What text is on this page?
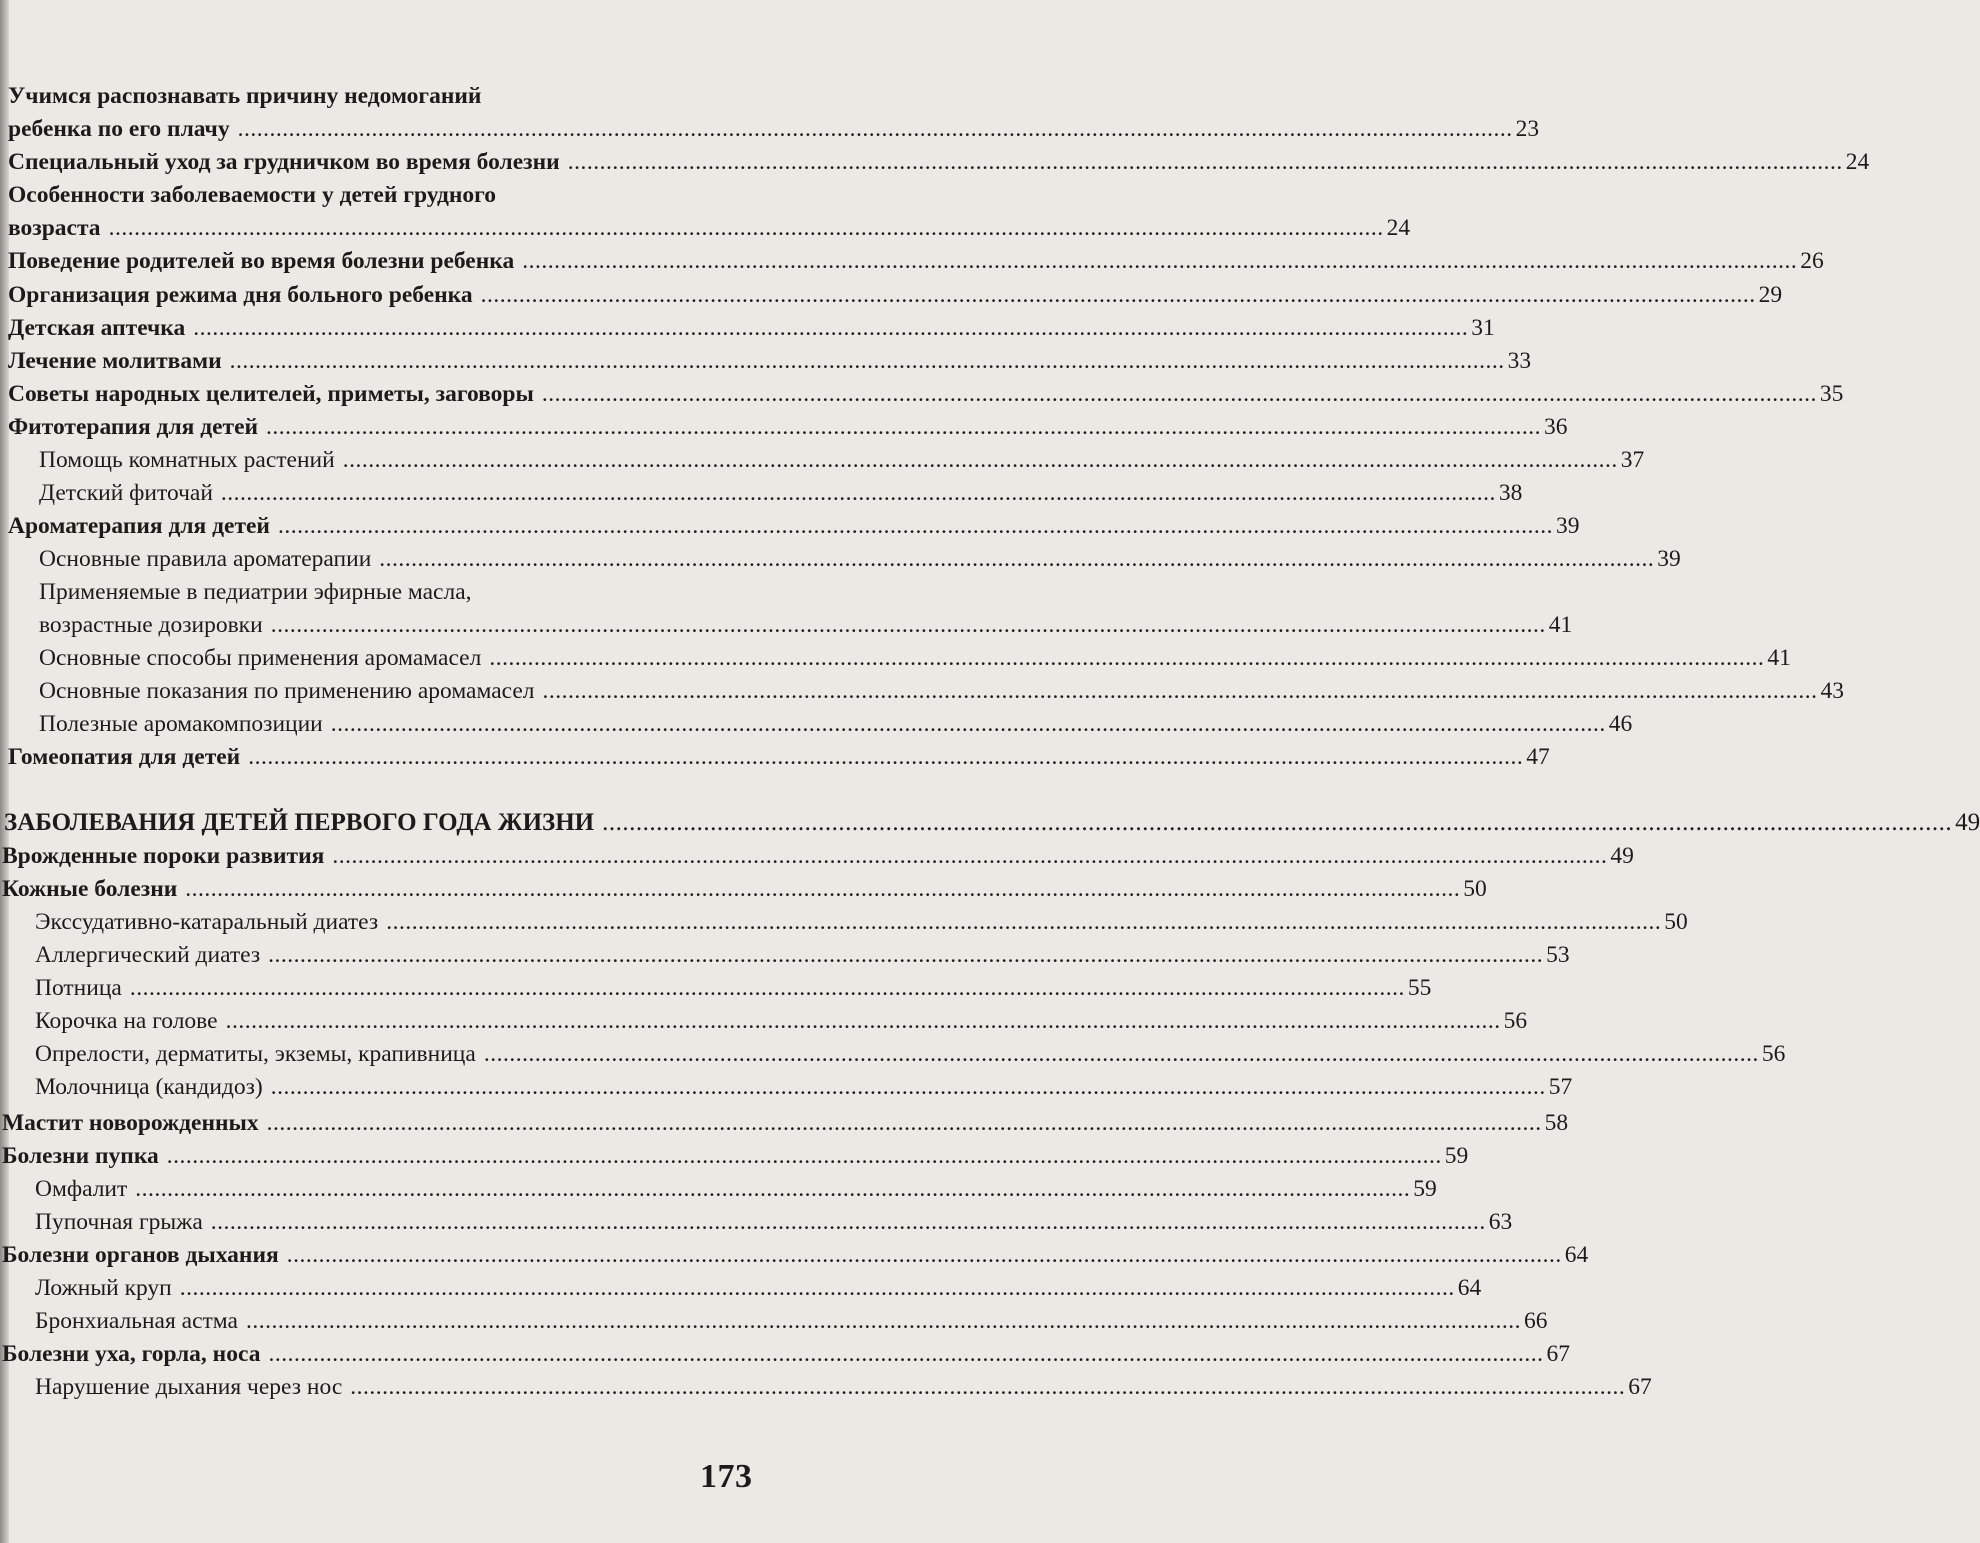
Учимся распознавать причину недомоганий
ребенка по его плачу ........................................................................................................................................................................................................ 23
Специальный уход за грудничком во время болезни ........................................................................................................................................................................................................ 24
Особенности заболеваемости у детей грудного
возраста ........................................................................................................................................................................................................ 24
Поведение родителей во время болезни ребенка ........................................................................................................................................................................................................ 26
Организация режима дня больного ребенка ........................................................................................................................................................................................................ 29
Детская аптечка ........................................................................................................................................................................................................ 31
Лечение молитвами ........................................................................................................................................................................................................ 33
Советы народных целителей, приметы, заговоры ........................................................................................................................................................................................................ 35
Фитотерапия для детей ........................................................................................................................................................................................................ 36
Помощь комнатных растений ........................................................................................................................................................................................................ 37
Детский фиточай ........................................................................................................................................................................................................ 38
Ароматерапия для детей ........................................................................................................................................................................................................ 39
Основные правила ароматерапии ........................................................................................................................................................................................................ 39
Применяемые в педиатрии эфирные масла,
возрастные дозировки ........................................................................................................................................................................................................ 41
Основные способы применения аромамасел ........................................................................................................................................................................................................ 41
Основные показания по применению аромамасел ........................................................................................................................................................................................................ 43
Полезные аромакомпозиции ........................................................................................................................................................................................................ 46
Гомеопатия для детей ........................................................................................................................................................................................................ 47
ЗАБОЛЕВАНИЯ ДЕТЕЙ ПЕРВОГО ГОДА ЖИЗНИ ........................................................................................................................................................................................................ 49
Врожденные пороки развития ........................................................................................................................................................................................................ 49
Кожные болезни ........................................................................................................................................................................................................ 50
Экссудативно-катаральный диатез ........................................................................................................................................................................................................ 50
Аллергический диатез ........................................................................................................................................................................................................ 53
Потница ........................................................................................................................................................................................................ 55
Корочка на голове ........................................................................................................................................................................................................ 56
Опрелости, дерматиты, экземы, крапивница ........................................................................................................................................................................................................ 56
Молочница (кандидоз) ........................................................................................................................................................................................................ 57
Мастит новорожденных ........................................................................................................................................................................................................ 58
Болезни пупка ........................................................................................................................................................................................................ 59
Омфалит ........................................................................................................................................................................................................ 59
Пупочная грыжа ........................................................................................................................................................................................................ 63
Болезни органов дыхания ........................................................................................................................................................................................................ 64
Ложный круп ........................................................................................................................................................................................................ 64
Бронхиальная астма ........................................................................................................................................................................................................ 66
Болезни уха, горла, носа ........................................................................................................................................................................................................ 67
Нарушение дыхания через нос ........................................................................................................................................................................................................ 67
173
